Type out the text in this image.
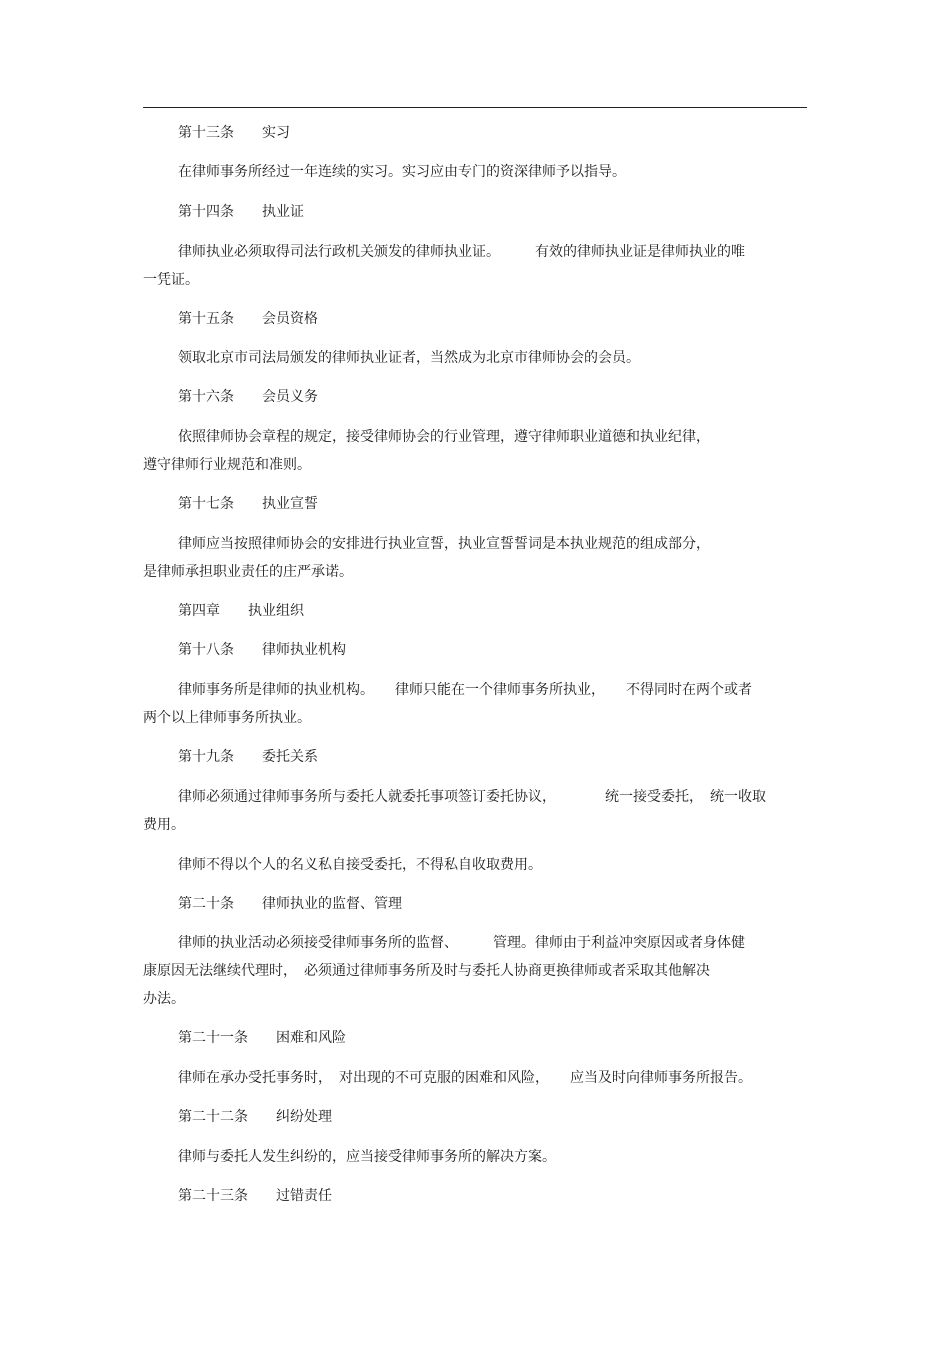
第十三条　　实习
在律师事务所经过一年连续的实习。实习应由专门的资深律师予以指导。
第十四条　　执业证
律师执业必须取得司法行政机关颁发的律师执业证。　　　有效的律师执业证是律师执业的唯
一凭证。
第十五条　　会员资格
领取北京市司法局颁发的律师执业证者，当然成为北京市律师协会的会员。
第十六条　　会员义务
依照律师协会章程的规定，接受律师协会的行业管理，遵守律师职业道德和执业纪律，
遵守律师行业规范和准则。
第十七条　　执业宣誓
律师应当按照律师协会的安排进行执业宣誓，执业宣誓誓词是本执业规范的组成部分，
是律师承担职业责任的庄严承诺。
第四章　　执业组织
第十八条　　律师执业机构
律师事务所是律师的执业机构。　　律师只能在一个律师事务所执业，　　不得同时在两个或者
两个以上律师事务所执业。
第十九条　　委托关系
律师必须通过律师事务所与委托人就委托事项签订委托协议，　　　　统一接受委托，　统一收取
费用。
律师不得以个人的名义私自接受委托，不得私自收取费用。
第二十条　　律师执业的监督、管理
律师的执业活动必须接受律师事务所的监督、　　　管理。律师由于利益冲突原因或者身体健
康原因无法继续代理时，　必须通过律师事务所及时与委托人协商更换律师或者采取其他解决
办法。
第二十一条　　困难和风险
律师在承办受托事务时，　对出现的不可克服的困难和风险，　　应当及时向律师事务所报告。
第二十二条　　纠纷处理
律师与委托人发生纠纷的，应当接受律师事务所的解决方案。
第二十三条　　过错责任
